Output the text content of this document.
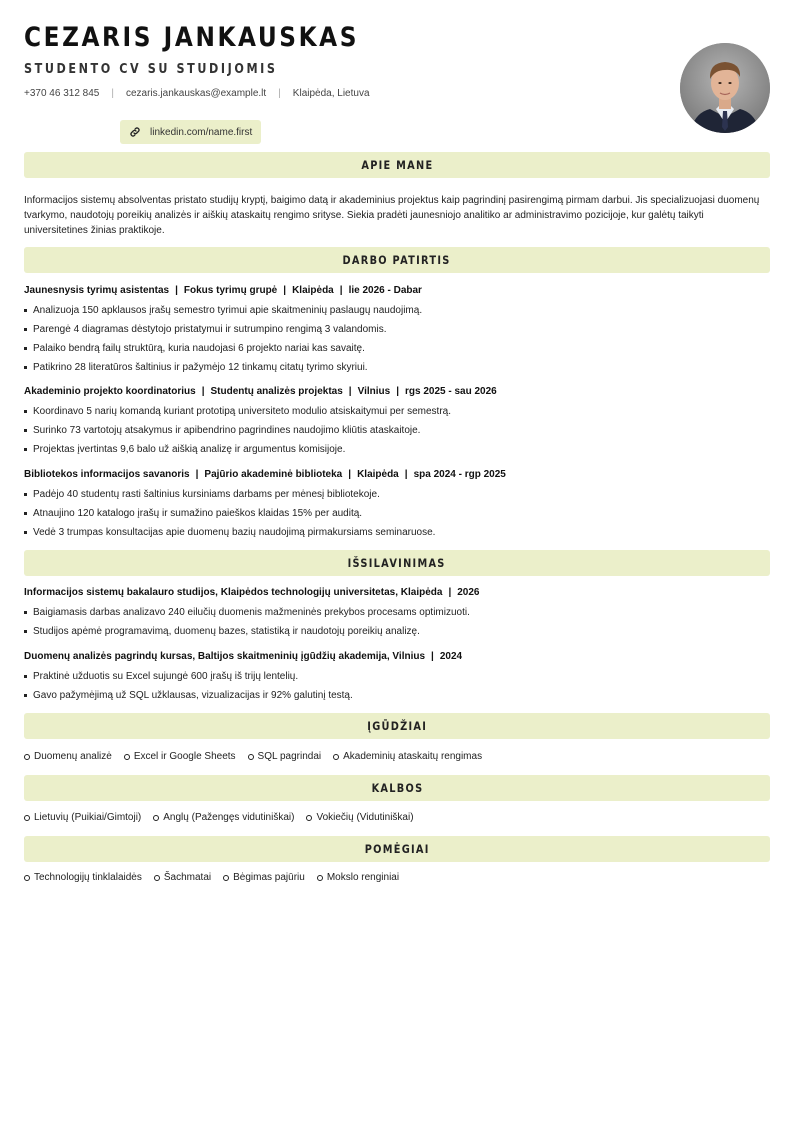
CEZARIS JANKAUSKAS
STUDENTO CV SU STUDIJOMIS
+370 46 312 845 | cezaris.jankauskas@example.lt | Klaipėda, Lietuva
linkedin.com/name.first
APIE MANE
Informacijos sistemų absolventas pristato studijų kryptį, baigimo datą ir akademinius projektus kaip pagrindinį pasirengimą pirmam darbui. Jis specializuojasi duomenų tvarkymo, naudotojų poreikių analizės ir aiškių ataskaitų rengimo srityse. Siekia pradėti jaunesniojo analitiko ar administravimo pozicijoje, kur galėtų taikyti universitetines žinias praktikoje.
DARBO PATIRTIS
Jaunesnysis tyrimų asistentas | Fokus tyrimų grupė | Klaipėda | lie 2026 - Dabar
Analizuoja 150 apklausos įrašų semestro tyrimui apie skaitmeninių paslaugų naudojimą.
Parengė 4 diagramas dėstytojo pristatymui ir sutrumpino rengimą 3 valandomis.
Palaiko bendrą failų struktūrą, kuria naudojasi 6 projekto nariai kas savaitę.
Patikrino 28 literatūros šaltinius ir pažymėjo 12 tinkamų citatų tyrimo skyriui.
Akademinio projekto koordinatorius | Studentų analizės projektas | Vilnius | rgs 2025 - sau 2026
Koordinavo 5 narių komandą kuriant prototipą universiteto modulio atsiskaitymui per semestrą.
Surinko 73 vartotojų atsakymus ir apibendrino pagrindines naudojimo kliūtis ataskaitoje.
Projektas įvertintas 9,6 balo už aiškią analizę ir argumentus komisijoje.
Bibliotekos informacijos savanoris | Pajūrio akademinė biblioteka | Klaipėda | spa 2024 - rgp 2025
Padėjo 40 studentų rasti šaltinius kursiniams darbams per mėnesį bibliotekoje.
Atnaujino 120 katalogo įrašų ir sumažino paieškos klaidas 15% per auditą.
Vedė 3 trumpas konsultacijas apie duomenų bazių naudojimą pirmakursiams seminaruose.
IŠSILAVINIMAS
Informacijos sistemų bakalauro studijos, Klaipėdos technologijų universitetas, Klaipėda | 2026
Baigiamasis darbas analizavo 240 eilučių duomenis mažmeninės prekybos procesams optimizuoti.
Studijos apėmė programavimą, duomenų bazes, statistiką ir naudotojų poreikių analizę.
Duomenų analizės pagrindų kursas, Baltijos skaitmeninių įgūdžių akademija, Vilnius | 2024
Praktinė užduotis su Excel sujungė 600 įrašų iš trijų lentelių.
Gavo pažymėjimą už SQL užklausas, vizualizacijas ir 92% galutinį testą.
ĮGŪDŽIAI
Duomenų analizė Excel ir Google Sheets SQL pagrindai Akademinių ataskaitų rengimas
KALBOS
Lietuvių (Puikiai/Gimtoji) Anglų (Pažengęs vidutiniškai) Vokiečių (Vidutiniškai)
POMĖGIAI
Technologijų tinklalaidės Šachmatai Bėgimas pajūriu Mokslo renginiai
